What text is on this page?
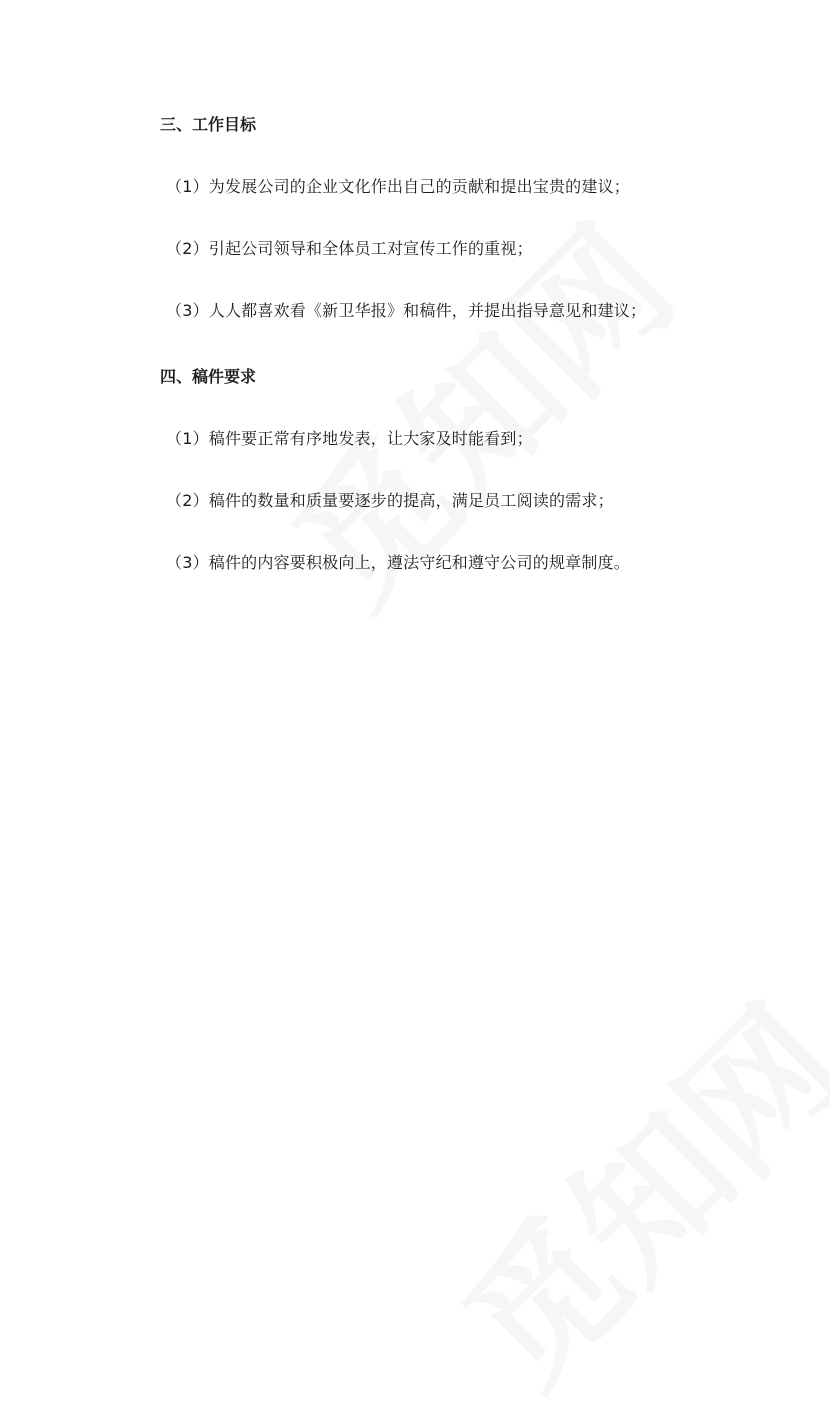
三、工作目标
（1）为发展公司的企业文化作出自己的贡献和提出宝贵的建议；
（2）引起公司领导和全体员工对宣传工作的重视；
（3）人人都喜欢看《新卫华报》和稿件，并提出指导意见和建议；
四、稿件要求
（1）稿件要正常有序地发表，让大家及时能看到；
（2）稿件的数量和质量要逐步的提高，满足员工阅读的需求；
（3）稿件的内容要积极向上，遵法守纪和遵守公司的规章制度。
